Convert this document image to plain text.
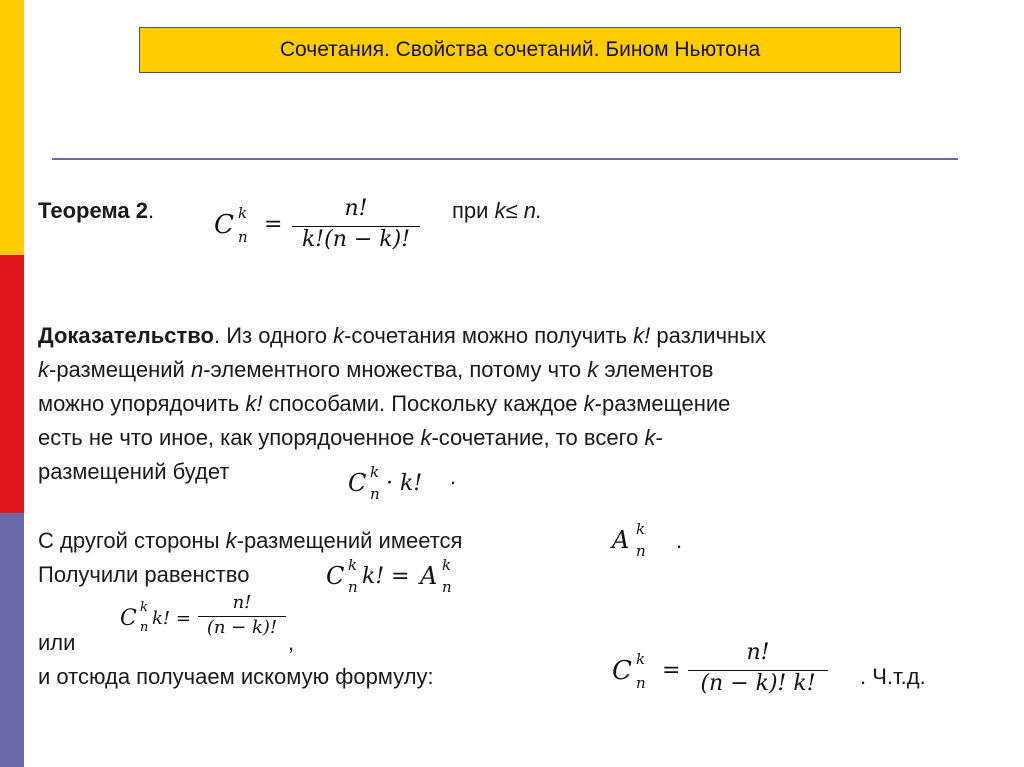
Сочетания. Свойства сочетаний. Бином Ньютона
Теорема 2. C k
n =
n!
k!(n − k)!
при k≤ n.
Доказательство. Из одного k-сочетания можно получить k! различных
k-размещений n-элементного множества, потому что k элементов
можно упорядочить k! способами. Поскольку каждое k-размещение
есть не что иное, как упорядоченное k-сочетание, то всего k-
размещений будет	C k
n · k! .
С другой стороны k-размещений имеется	A k
n .
Получили равенство	C k
n k! = A k
n
C k
n k! =
n!
(n − k)!
или	,
и отсюда получаем искомую формулу:	C k
n =
n!
(n − k)! k!	. Ч.т.д.
